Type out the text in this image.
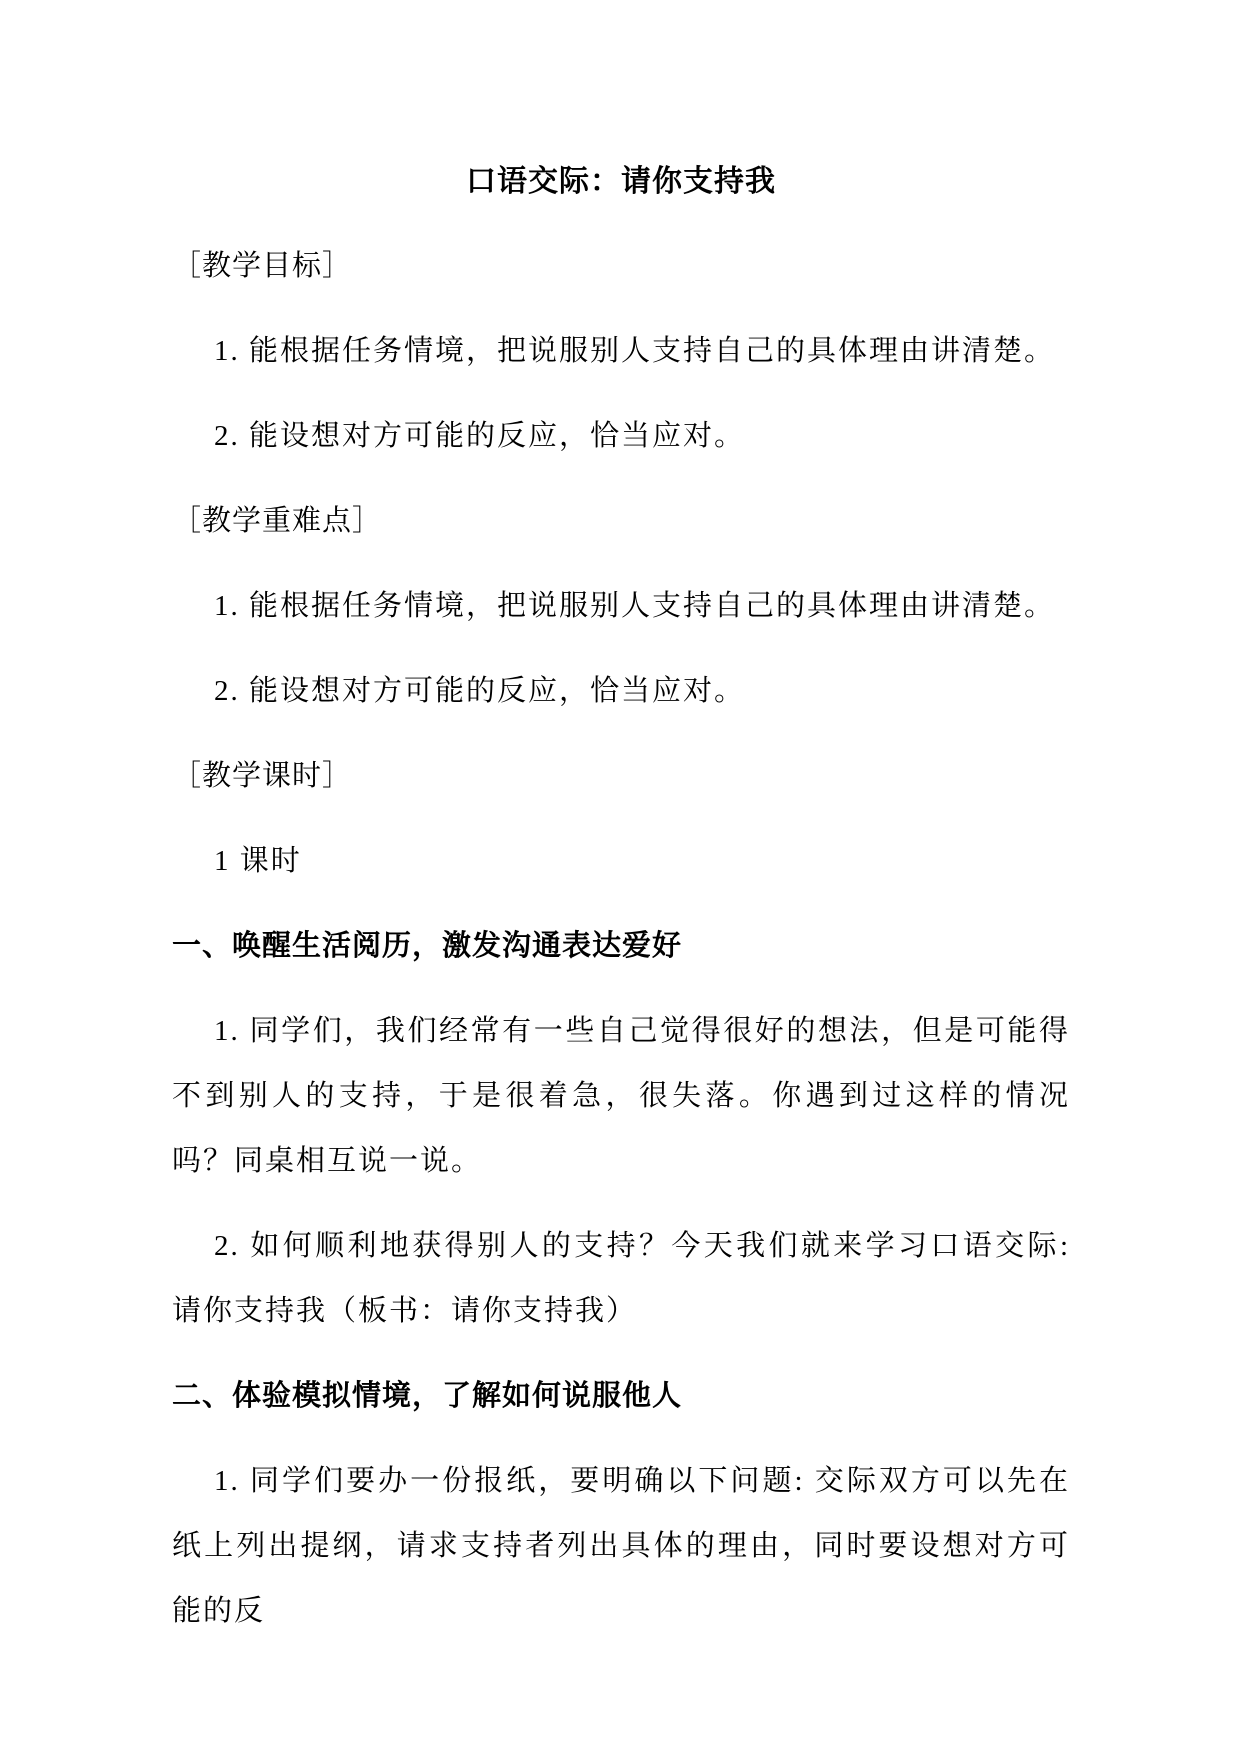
口语交际：请你支持我

［教学目标］

1. 能根据任务情境，把说服别人支持自己的具体理由讲清楚。

2. 能设想对方可能的反应，恰当应对。

［教学重难点］

1. 能根据任务情境，把说服别人支持自己的具体理由讲清楚。

2. 能设想对方可能的反应，恰当应对。

［教学课时］

1 课时

一、唤醒生活阅历，激发沟通表达爱好

1. 同学们，我们经常有一些自己觉得很好的想法，但是可能得不到别人的支持，于是很着急，很失落。你遇到过这样的情况吗？同桌相互说一说。

2. 如何顺利地获得别人的支持？今天我们就来学习口语交际: 请你支持我（板书：请你支持我）

二、体验模拟情境，了解如何说服他人

1. 同学们要办一份报纸，要明确以下问题: 交际双方可以先在纸上列出提纲，请求支持者列出具体的理由，同时要设想对方可能的反
